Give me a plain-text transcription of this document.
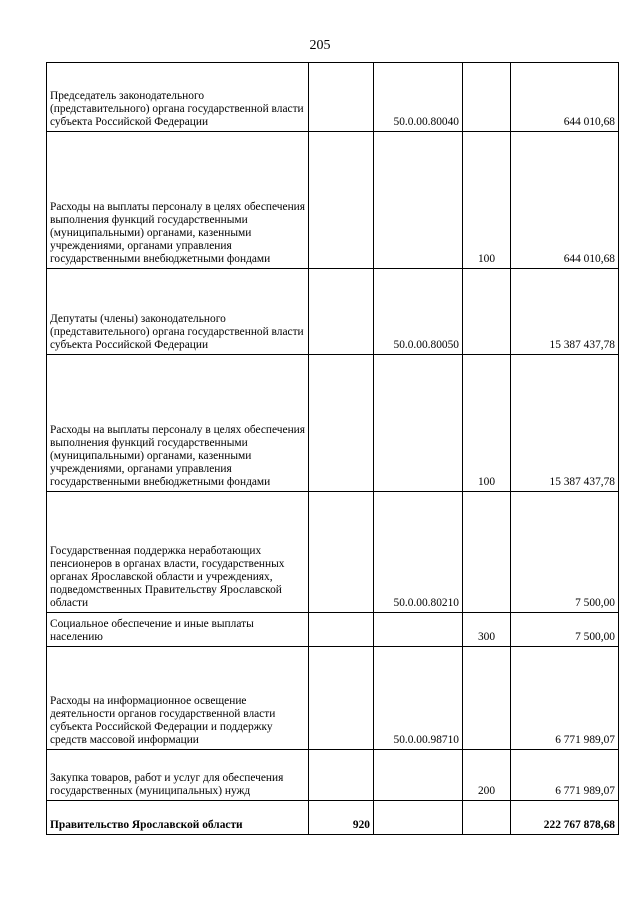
205
Председатель законодательного (представительного) органа государственной власти субъекта Российской Федерации		50.0.00.80040		644 010,68
Расходы на выплаты персоналу в целях обеспечения выполнения функций государственными (муниципальными) органами, казенными учреждениями, органами управления государственными внебюджетными фондами			100	644 010,68
Депутаты (члены) законодательного (представительного) органа государственной власти субъекта Российской Федерации		50.0.00.80050		15 387 437,78
Расходы на выплаты персоналу в целях обеспечения выполнения функций государственными (муниципальными) органами, казенными учреждениями, органами управления государственными внебюджетными фондами			100	15 387 437,78
Государственная поддержка неработающих пенсионеров в органах власти, государственных органах Ярославской области и учреждениях, подведомственных Правительству Ярославской области		50.0.00.80210		7 500,00
Социальное обеспечение и иные выплаты населению			300	7 500,00
Расходы на информационное освещение деятельности органов государственной власти субъекта Российской Федерации и поддержку средств массовой информации		50.0.00.98710		6 771 989,07
Закупка товаров, работ и услуг для обеспечения государственных (муниципальных) нужд			200	6 771 989,07
Правительство Ярославской области	920			222 767 878,68
